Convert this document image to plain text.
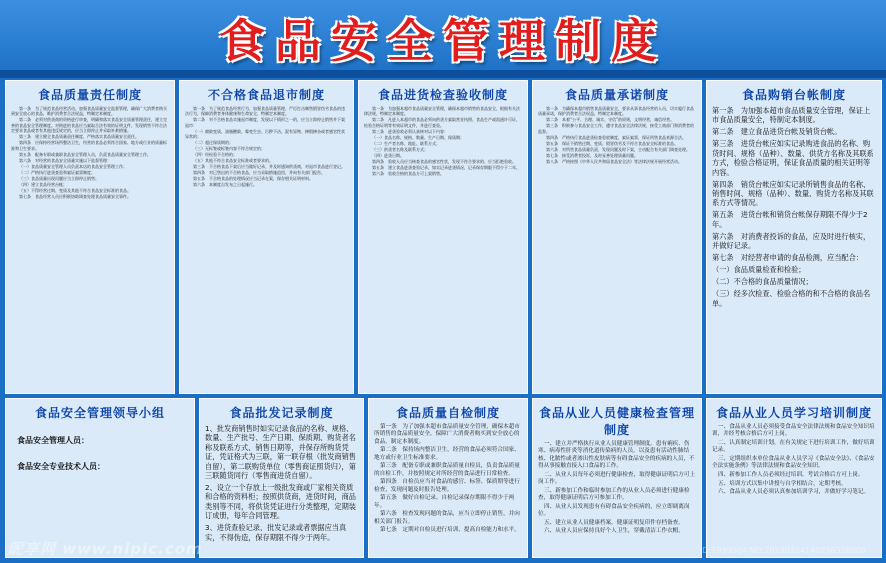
食品安全管理制度
食品质量责任制度

第一条　为了规范食品经营活动，加强食品质量安全监督管理，确保广大消费者购买到安全放心的食品，维护消费者合法权益，特制定本制度。

第二条　必须对供货商的资格进行审查，明确和落实食品安全质量管理责任，建立完善的食品安全管理制度。对购进的食品应当索取合法有效的证明文件，发现销售不符合法定要求食品或者有其他违反规定的，应当立即停止并采取补救措施。

第三条　建立健全食品质量责任制度，严格落实食品质量安全责任。

第四条　应保持经营场所整洁卫生，经营的食品必须符合国家、地方或行业的质量标准和卫生要求。

第五条　配备专职或兼职食品安全管理人员，负责食品质量安全管理工作。

第六条　对经营的食品安全质量实施以下监督管理：

（一）食品质量安全管理人员负责本店的食品安全管理工作；

（二）严格执行进货查验和索证索票制度；

（三）食品质量出现问题应当立即停止销售；

（四）建立食品经营台帐；

（五）不得经营过期、变质及其他不符合食品安全标准的食品。

第七条　食品经营人员应积极协助调查处理食品质量安全事件。

不合格食品退市制度

第一条　为了规范食品经营行为，加强食品质量管理，严厉打击制售假冒伪劣食品的违法行为，保障消费者身体健康和生命安全，特制定本制度。

第二条　对不合格食品实施退市制度，发现以下情形之一的，应当立即停止销售并下架退市：

（一）腐败变质、油脂酸败、霉变生虫、污秽不洁、混有异物、掺假掺杂或者感官性状异常的；

（二）超过保质期的；

（三）无标签或标签内容不符合规定的；

（四）经检验不合格的；

（五）其他不符合食品安全标准或者要求的。

第三条　不合格食品下架后应当做好记录，并及时通知供货商，对退市食品进行登记。

第四条　对已售出的不合格食品，应当采取措施追回，并向有关部门报告。

第五条　不合格食品的处理情况应当记录在案，保存相关证明材料。

第六条　本制度自发布之日起施行。

食品进货检查验收制度

第一条　为加强本超市食品质量安全管理，确保本超市销售的食品安全，根据有关法律法规，特制定本制度。

第二条　凡进入本超市的食品必须向供货方索取营业执照、食品生产或流通许可证、检验合格证明等有效证明文件，并进行查验。

第三条　进货验收必须认真核对以下内容：

（一）食品名称、规格、数量、生产日期、保质期；

（二）生产者名称、地址、联系方式；

（三）供货者名称及联系方式；

（四）进货日期。

第四条　验收人员应当核查食品的感官性状，发现不符合要求的，应当拒绝验收。

第五条　建立食品进货查验记录，如实记录进货情况，记录保存期限不得少于二年。

第六条　验收合格的食品方可上架销售。

食品质量承诺制度

第一条　为确保本超市销售食品质量安全，要求从事食品经营的人员，切实履行食品质量承诺，保护消费者合法权益，特制定本制度。

第二条　本着“公平、合理、诚实、守信”的原则，文明经营，诚信经营。

第三条　积极参与食品安全工作，遵守食品安全法律法规，接受工商部门和消费者的监督。

第四条　严格执行食品进货检查验收制度，索证索票，保证所售食品来源合法。

第五条　保证不销售过期、变质、假冒伪劣及不符合食品安全标准的食品。

第六条　对所售食品质量负责，发现问题及时下架，主动配合有关部门调查处理。

第七条　接受消费者投诉，及时妥善处理质量问题。

第八条　严格按照《中华人民共和国食品安全法》等法律法规开展经营活动。

食品购销台帐制度

第一条　为加强本超市食品质量安全管理，保证上市食品质量安全，特制定本制度。

第二条　建立食品进货台帐及销货台帐。

第三条　进货台帐应如实记录购进食品的名称、购货时间、规格（品种）、数量、供货方名称及其联系方式，检验合格证明，保证食品质量的相关证明等内容。

第四条　销货台帐应如实记录所销售食品的名称、销售时间、规格（品种）、数量、购货方名称及其联系方式等情况。

第五条　进货台帐和销货台帐保存期限不得少于2年。

第六条　对消费者投诉的食品，应及时进行核实，并做好记录。

第七条　对经营者申请的食品检测，应当配合：

（一）食品质量检查和检验；

（二）不合格的食品质量情况；

（三）经多次检查、检验合格的和不合格的食品名单。

食品安全管理领导小组

食品安全管理人员：

食品安全专业技术人员：

食品批发记录制度

1、批发商销售时如实记录食品的名称、规格、数量、生产批号、生产日期、保质期、购货者名称及联系方式、销售日期等，并保存所购货凭证，凭证格式为三联，第一联存根（批发商销售自留），第二联购货单位（零售商证照货归），第三联随货同行（零售商进货自留）。

2、设立一个存放上一级批发商或厂家相关资质和合格的资料柜；按照供货商，进货时间，商品类别等不同，将供货凭证进行分类整理，定期装订成册，每年合同管理。

3、进货查验记录、批发记录或者票据应当真实，不得伪造，保存期限不得少于两年。

食品质量自检制度

第一条　为了加强本超市食品质量安全管理，确保本超市所销售的食品质量安全，保障广大消费者购买到安全放心的食品，制定本制度。

第二条　保持场内整洁卫生，经营的食品必须符合国家、地方或行业卫生标准要求。

第三条　配备专职或兼职食品质量自检员，负责食品质量的自检工作，并按照规定对所经营的食品进行日常检查。

第四条　自检员应当对食品的感官、标签、保质期等进行检查，发现问题及时报告处理。

第五条　做好自检记录，自检记录保存期限不得少于两年。

第六条　检查发现问题的食品，应当立即停止销售，并向相关部门报告。

第七条　定期对自检员进行培训，提高自检能力和水平。

食品从业人员健康检查管理制度

一、建立并严格执行从业人员健康管理制度。患有痢疾、伤寒、病毒性肝炎等消化道传染病的人员，以及患有活动性肺结核、化脓性或者渗出性皮肤病等有碍食品安全的疾病的人员，不得从事接触直接入口食品的工作。

二、从业人员每年必须进行健康检查，取得健康证明后方可上岗工作。

三、新参加工作和临时参加工作的从业人员必须进行健康检查，取得健康证明后方可参加工作。

四、从业人员发现患有有碍食品安全疾病的，应立即调离岗位。

五、建立从业人员健康档案，健康证明复印件存档备查。

六、从业人员应保持良好个人卫生，穿戴清洁工作衣帽。

食品从业人员学习培训制度

一、食品从业人员必须接受食品安全法律法规和食品安全知识培训，并经考核合格后方可上岗。

二、认真制定培训计划，在有关规定下进行培训工作，做好培训记录。

三、定期组织本单位食品从业人员学习《食品安全法》、《食品安全法实施条例》等法律法规和食品安全知识。

四、新参加工作人员必须经过培训、考试合格后方可上岗。

五、培训方式以集中讲授与自学相结合，定期考核。

六、食品从业人员必须认真参加培训学习，并做好学习笔记。

昵享网 www.nipic.com	ID:1939004 NO:20190324140236328000
